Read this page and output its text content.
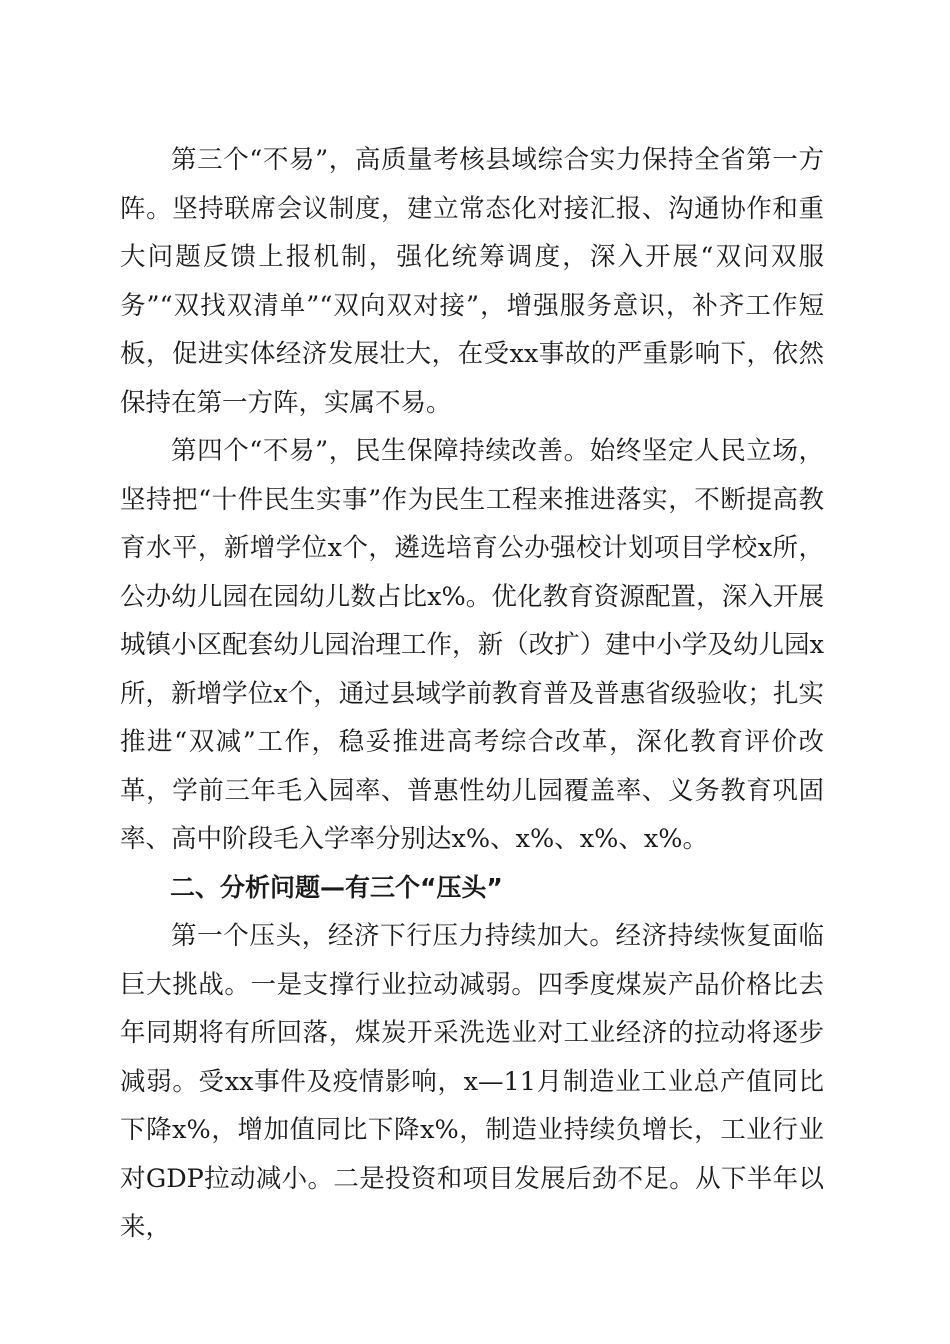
第三个“不易”，高质量考核县域综合实力保持全省第一方阵。坚持联席会议制度，建立常态化对接汇报、沟通协作和重大问题反馈上报机制，强化统筹调度，深入开展“双问双服务”“双找双清单”“双向双对接”，增强服务意识，补齐工作短板，促进实体经济发展壮大，在受xx事故的严重影响下，依然保持在第一方阵，实属不易。

第四个“不易”，民生保障持续改善。始终坚定人民立场，坚持把“十件民生实事”作为民生工程来推进落实，不断提高教育水平，新增学位x个，遴选培育公办强校计划项目学校x所，公办幼儿园在园幼儿数占比x%。优化教育资源配置，深入开展城镇小区配套幼儿园治理工作，新（改扩）建中小学及幼儿园x所，新增学位x个，通过县域学前教育普及普惠省级验收；扎实推进“双减”工作，稳妥推进高考综合改革，深化教育评价改革，学前三年毛入园率、普惠性幼儿园覆盖率、义务教育巩固率、高中阶段毛入学率分别达x%、x%、x%、x%。

二、分析问题—有三个“压头”

第一个压头，经济下行压力持续加大。经济持续恢复面临巨大挑战。一是支撑行业拉动减弱。四季度煤炭产品价格比去年同期将有所回落，煤炭开采洗选业对工业经济的拉动将逐步减弱。受xx事件及疫情影响，x—11月制造业工业总产值同比下降x%，增加值同比下降x%，制造业持续负增长，工业行业对GDP拉动减小。二是投资和项目发展后劲不足。从下半年以来，
